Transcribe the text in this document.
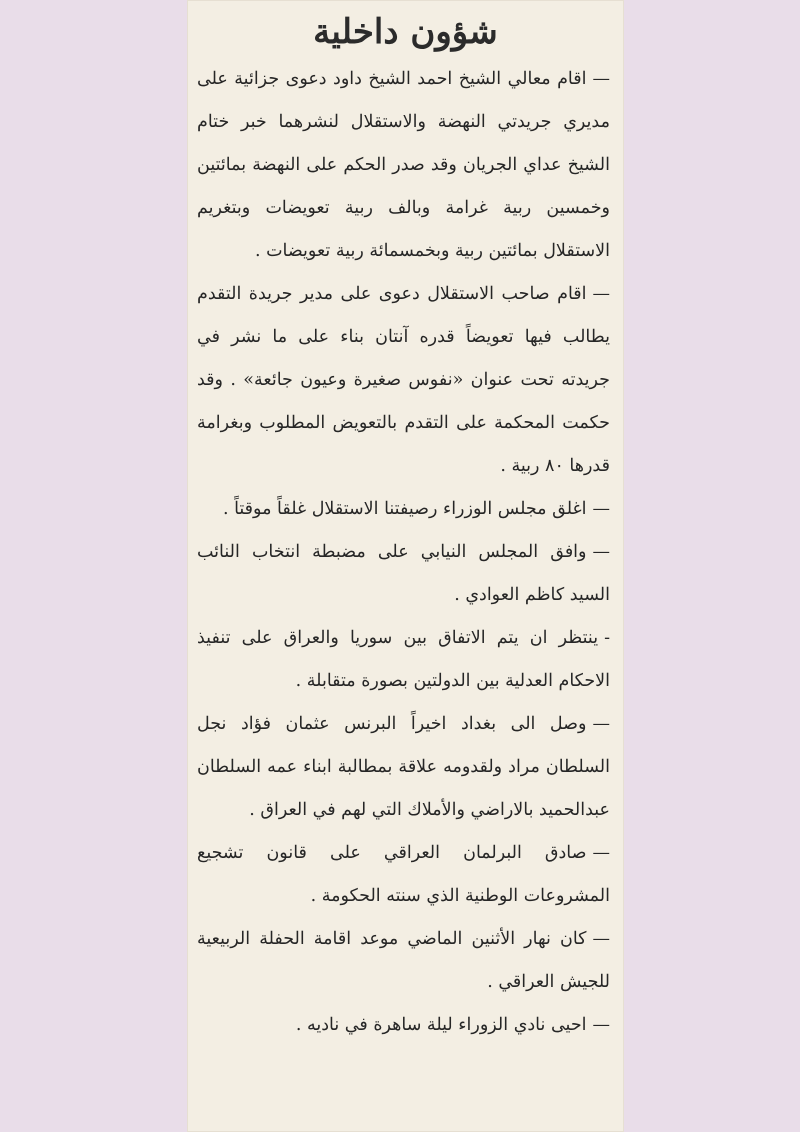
شؤون داخلية

—اقام معالي الشيخ احمد الشيخ داود دعوى جزائية على مديري جريدتي النهضة والاستقلال لنشرهما خبر ختام الشيخ عداي الجريان وقد صدر الحكم على النهضة بمائتين وخمسين ربية غرامة وبالف ربية تعويضات وبتغريم الاستقلال بمائتين ربية وبخمسمائة ربية تعويضات .

—اقام صاحب الاستقلال دعوى على مدير جريدة التقدم يطالب فيها تعويضاً قدره آنتان بناء على ما نشر في جريدته تحت عنوان «نفوس صغيرة وعيون جائعة» . وقد حكمت المحكمة على التقدم بالتعويض المطلوب وبغرامة قدرها ٨٠ ربية .

—اغلق مجلس الوزراء رصيفتنا الاستقلال غلقاً موقتاً .

—وافق المجلس النيابي على مضبطة انتخاب النائب السيد كاظم العوادي .

-ينتظر ان يتم الاتفاق بين سوريا والعراق على تنفيذ الاحكام العدلية بين الدولتين بصورة متقابلة .

—وصل الى بغداد اخيراً البرنس عثمان فؤاد نجل السلطان مراد ولقدومه علاقة بمطالبة ابناء عمه السلطان عبدالحميد بالاراضي والأملاك التي لهم في العراق .

—صادق البرلمان العراقي على قانون تشجيع المشروعات الوطنية الذي سنته الحكومة .

—كان نهار الأثنين الماضي موعد اقامة الحفلة الربيعية للجيش العراقي .

—احيى نادي الزوراء ليلة ساهرة في ناديه .
